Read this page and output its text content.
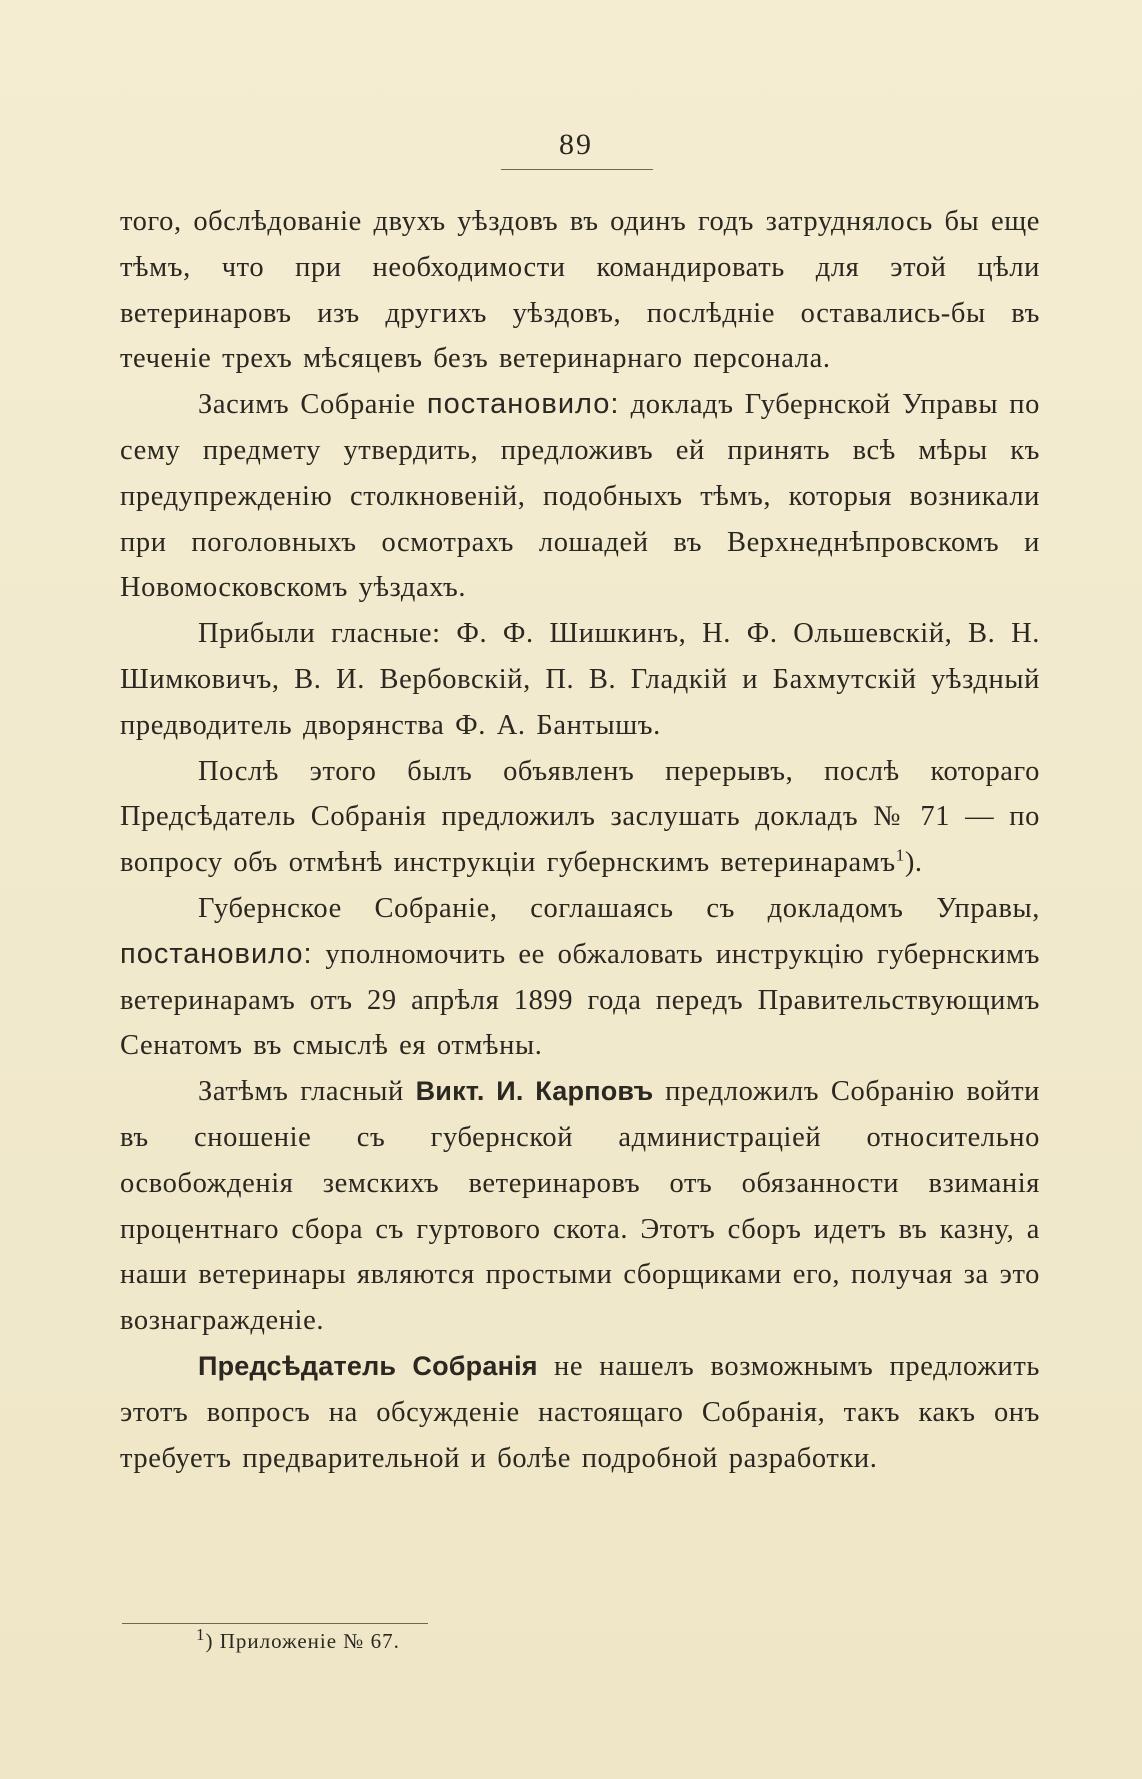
89

того, обслѣдованіе двухъ уѣздовъ въ одинъ годъ затруднялось бы еще тѣмъ, что при необходимости командировать для этой цѣли ветеринаровъ изъ другихъ уѣздовъ, послѣдніе оставались-бы въ теченіе трехъ мѣсяцевъ безъ ветеринарнаго персонала.

Засимъ Собраніе постановило: докладъ Губернской Управы по сему предмету утвердить, предложивъ ей принять всѣ мѣры къ предупрежденію столкновеній, подобныхъ тѣмъ, которыя возникали при поголовныхъ осмотрахъ лошадей въ Верхнеднѣпровскомъ и Новомосковскомъ уѣздахъ.

Прибыли гласные: Ф. Ф. Шишкинъ, Н. Ф. Ольшевскій, В. Н. Шимковичъ, В. И. Вербовскій, П. В. Гладкій и Бахмутскій уѣздный предводитель дворянства Ф. А. Бантышъ.

Послѣ этого былъ объявленъ перерывъ, послѣ котораго Предсѣдатель Собранія предложилъ заслушать докладъ № 71 — по вопросу объ отмѣнѣ инструкціи губернскимъ ветеринарамъ$^1$).

Губернское Собраніе, соглашаясь съ докладомъ Управы, постановило: уполномочить ее обжаловать инструкцію губернскимъ ветеринарамъ отъ 29 апрѣля 1899 года передъ Правительствующимъ Сенатомъ въ смыслѣ ея отмѣны.

Затѣмъ гласный Викт. И. Карповъ предложилъ Собранію войти въ сношеніе съ губернской администраціей относительно освобожденія земскихъ ветеринаровъ отъ обязанности взиманія процентнаго сбора съ гуртового скота. Этотъ сборъ идетъ въ казну, а наши ветеринары являются простыми сборщиками его, получая за это вознагражденіе.

Предсѣдатель Собранія не нашелъ возможнымъ предложить этотъ вопросъ на обсужденіе настоящаго Собранія, такъ какъ онъ требуетъ предварительной и болѣе подробной разработки.

$^1$) Приложеніе № 67.
